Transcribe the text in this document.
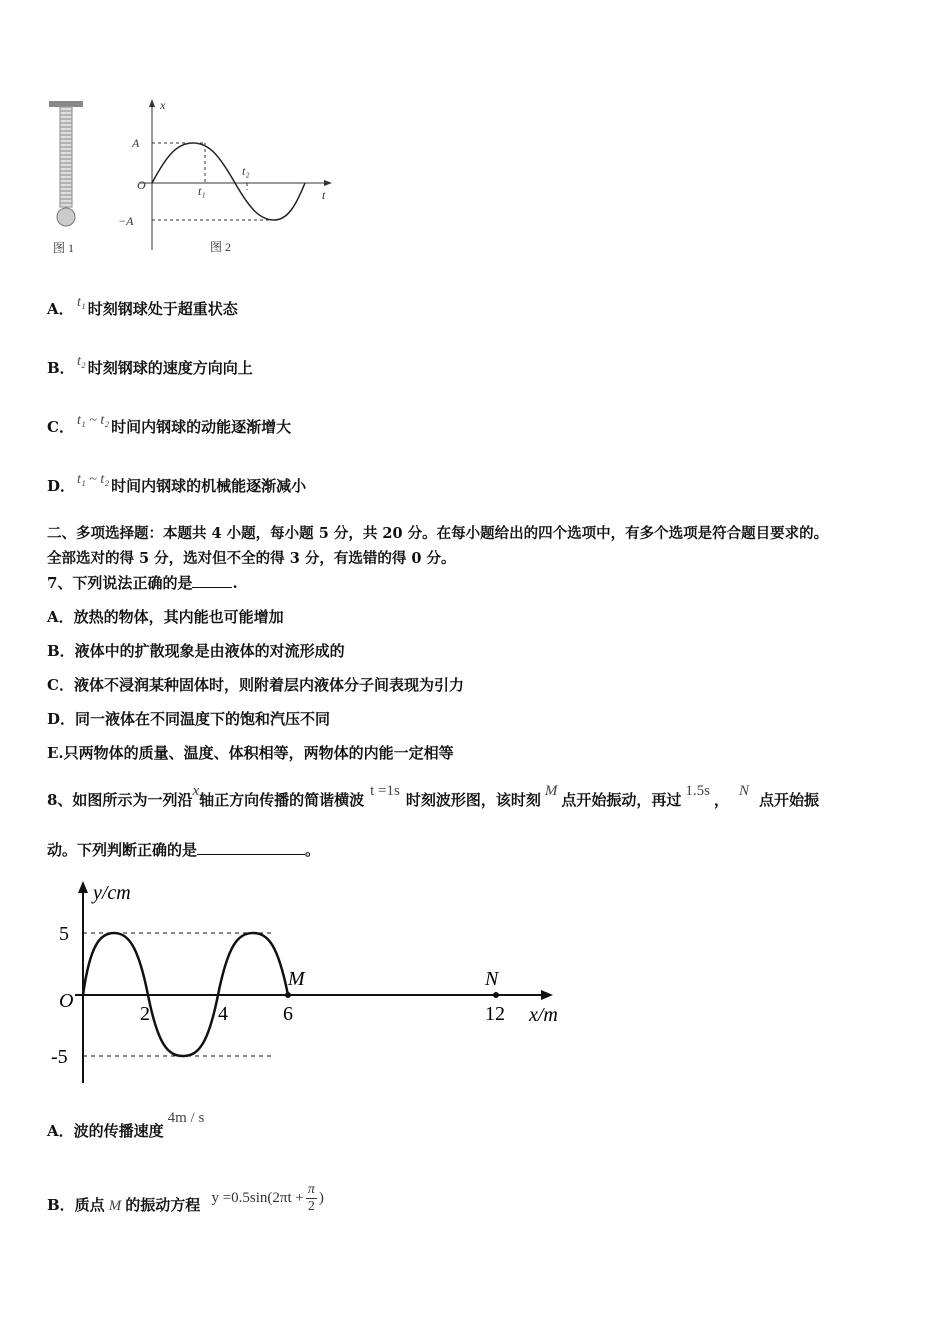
图 1
x
t
O
A
−A
t₁
t₂
图 2
A． t₁ 时刻钢球处于超重状态
B． t₂ 时刻钢球的速度方向向上
C． t₁ ~ t₂ 时间内钢球的动能逐渐增大
D． t₁ ~ t₂ 时间内钢球的机械能逐渐减小
二、多项选择题：本题共 4 小题，每小题 5 分，共 20 分。在每小题给出的四个选项中，有多个选项是符合题目要求的。
全部选对的得 5 分，选对但不全的得 3 分，有选错的得 0 分。
7、下列说法正确的是	.
A．放热的物体，其内能也可能增加
B．液体中的扩散现象是由液体的对流形成的
C．液体不浸润某种固体时，则附着层内液体分子间表现为引力
D．同一液体在不同温度下的饱和汽压不同
E.只两物体的质量、温度、体积相等，两物体的内能一定相等
8、如图所示为一列沿x轴正方向传播的简谐横波 t =1s 时刻波形图，该时刻 M 点开始振动，再过 1.5s ， N 点开始振
动。下列判断正确的是	。
y/cm
x/m
O
5
-5
2	4	6	12
M	N
A．波的传播速度4m / s
B．质点 M 的振动方程 $y =0.5\sin(2\pi t + \frac{\pi}{2}$ )
